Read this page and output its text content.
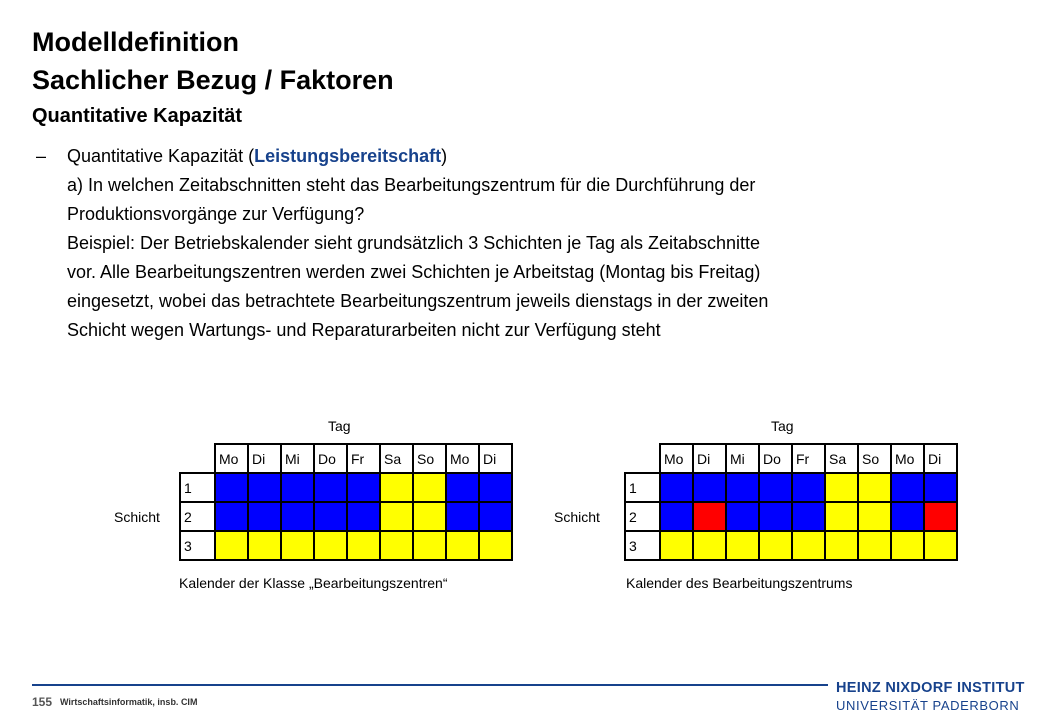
Modelldefinition
Sachlicher Bezug / Faktoren
Quantitative Kapazität
– Quantitative Kapazität (Leistungsbereitschaft)
a) In welchen Zeitabschnitten steht das Bearbeitungszentrum für die Durchführung der
Produktionsvorgänge zur Verfügung?
Beispiel: Der Betriebskalender sieht grundsätzlich 3 Schichten je Tag als Zeitabschnitte
vor. Alle Bearbeitungszentren werden zwei Schichten je Arbeitstag (Montag bis Freitag)
eingesetzt, wobei das betrachtete Bearbeitungszentrum jeweils dienstags in der zweiten
Schicht wegen Wartungs- und Reparaturarbeiten nicht zur Verfügung steht
Tag
Schicht
	Mo	Di	Mi	Do	Fr	Sa	So	Mo	Di
1									
2									
3									
Kalender der Klasse „Bearbeitungszentren“
Tag
Schicht
	Mo	Di	Mi	Do	Fr	Sa	So	Mo	Di
1									
2									
3									
Kalender des Bearbeitungszentrums
155 Wirtschaftsinformatik, insb. CIM
HEINZ NIXDORF INSTITUT
UNIVERSITÄT PADERBORN
